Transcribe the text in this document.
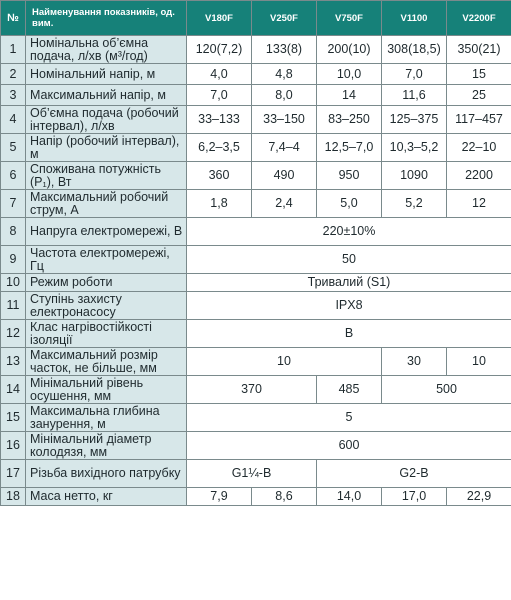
№	Найменування показників, од. вим.	V180F	V250F	V750F	V1100	V2200F
1	Номінальна об’ємна подача, л/хв (м³/год)	120(7,2)	133(8)	200(10)	308(18,5)	350(21)
2	Номінальний напір, м	4,0	4,8	10,0	7,0	15
3	Максимальний напір, м	7,0	8,0	14	11,6	25
4	Об’ємна подача (робочий інтервал), л/хв	33–133	33–150	83–250	125–375	117–457
5	Напір (робочий інтервал), м	6,2–3,5	7,4–4	12,5–7,0	10,3–5,2	22–10
6	Споживана потужність (P₁), Вт	360	490	950	1090	2200
7	Максимальний робочий струм, А	1,8	2,4	5,0	5,2	12
8	Напруга електромережі, В	220±10%				
9	Частота електромережі, Гц	50				
10	Режим роботи	Тривалий (S1)				
11	Ступінь захисту електронасосу	IPX8				
12	Клас нагрівостійкості ізоляції	B				
13	Максимальний розмір часток, не більше, мм	10			30	10
14	Мінімальний рівень осушення, мм	370		485	500	
15	Максимальна глибина занурення, м	5				
16	Мінімальний діаметр колодязя, мм	600				
17	Різьба вихідного патрубку	G1¼-B		G2-B		
18	Маса нетто, кг	7,9	8,6	14,0	17,0	22,9
